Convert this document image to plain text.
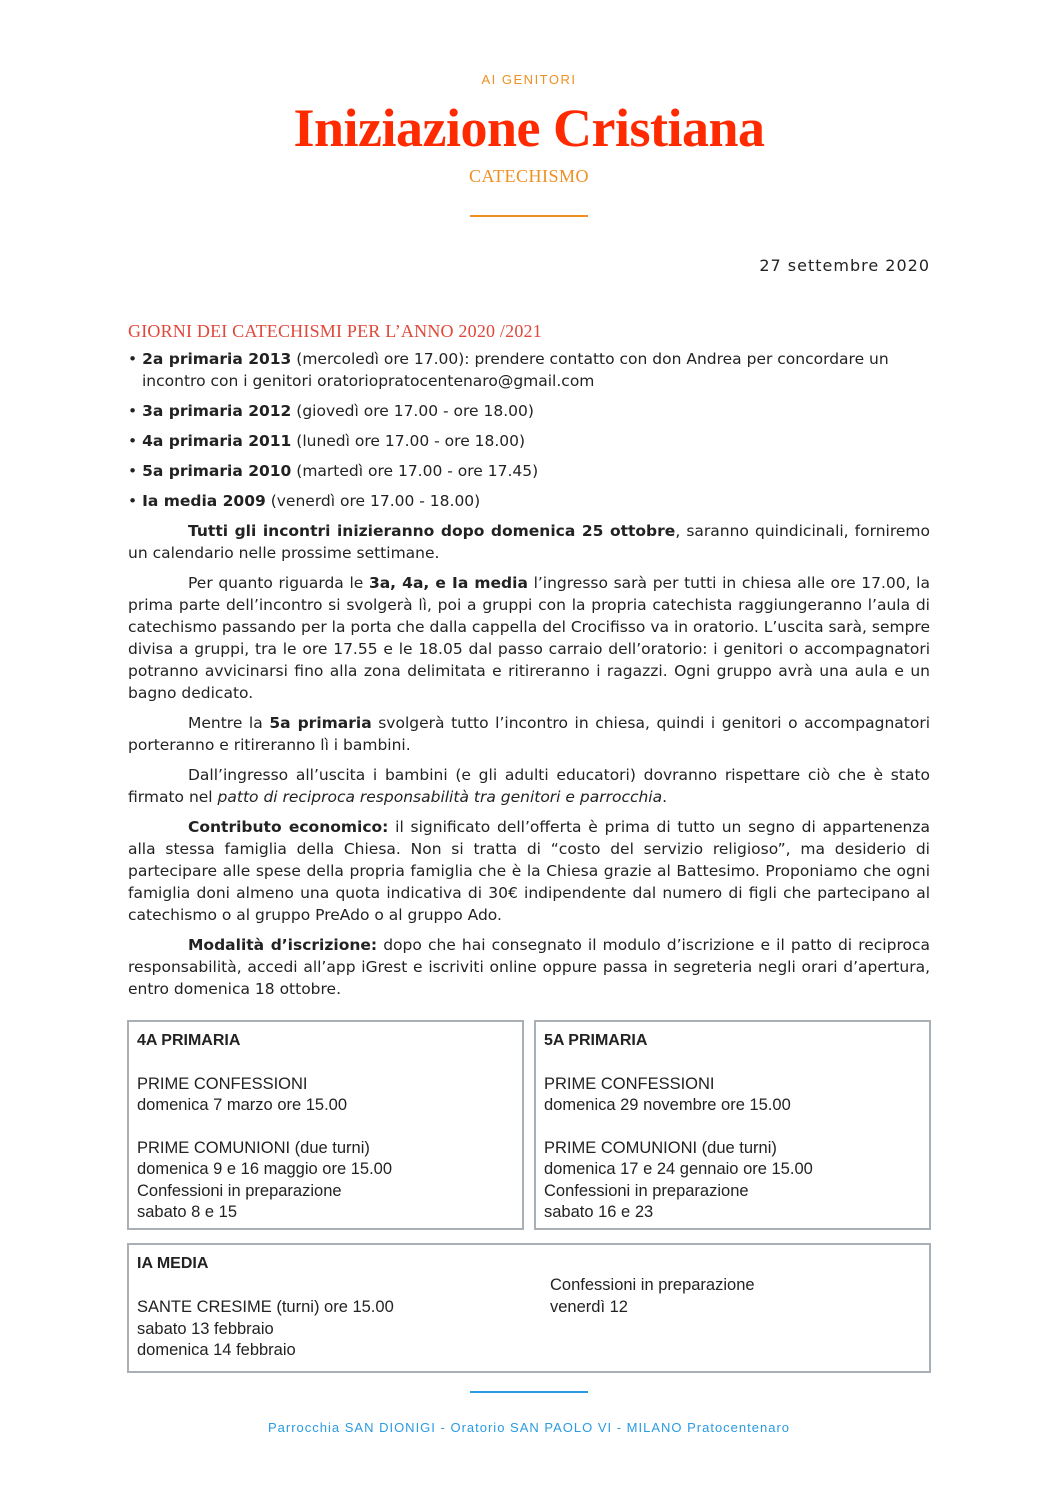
AI GENITORI
Iniziazione Cristiana
CATECHISMO
27 settembre 2020
GIORNI DEI CATECHISMI PER L’ANNO 2020 /2021
• 2a primaria 2013 (mercoledì ore 17.00): prendere contatto con don Andrea per concordare un incontro con i genitori oratoriopratocentenaro@gmail.com
• 3a primaria 2012 (giovedì ore 17.00 - ore 18.00)
• 4a primaria 2011 (lunedì ore 17.00 - ore 18.00)
• 5a primaria 2010 (martedì ore 17.00 - ore 17.45)
• Ia media 2009 (venerdì ore 17.00 - 18.00)

Tutti gli incontri inizieranno dopo domenica 25 ottobre, saranno quindicinali, forniremo un calendario nelle prossime settimane.

Per quanto riguarda le 3a, 4a, e Ia media l’ingresso sarà per tutti in chiesa alle ore 17.00, la prima parte dell’incontro si svolgerà lì, poi a gruppi con la propria catechista raggiungeranno l’aula di catechismo passando per la porta che dalla cappella del Crocifisso va in oratorio. L’uscita sarà, sempre divisa a gruppi, tra le ore 17.55 e le 18.05 dal passo carraio dell’oratorio: i genitori o accompagnatori potranno avvicinarsi fino alla zona delimitata e ritireranno i ragazzi. Ogni gruppo avrà una aula e un bagno dedicato.

Mentre la 5a primaria svolgerà tutto l’incontro in chiesa, quindi i genitori o accompagnatori porteranno e ritireranno lì i bambini.

Dall’ingresso all’uscita i bambini (e gli adulti educatori) dovranno rispettare ciò che è stato firmato nel patto di reciproca responsabilità tra genitori e parrocchia.

Contributo economico: il significato dell’offerta è prima di tutto un segno di appartenenza alla stessa famiglia della Chiesa. Non si tratta di “costo del servizio religioso”, ma desiderio di partecipare alle spese della propria famiglia che è la Chiesa grazie al Battesimo. Proponiamo che ogni famiglia doni almeno una quota indicativa di 30€ indipendente dal numero di figli che partecipano al catechismo o al gruppo PreAdo o al gruppo Ado.

Modalità d’iscrizione: dopo che hai consegnato il modulo d’iscrizione e il patto di reciproca responsabilità, accedi all’app iGrest e iscriviti online oppure passa in segreteria negli orari d’apertura, entro domenica 18 ottobre.

4A PRIMARIA
PRIME CONFESSIONI
domenica 7 marzo ore 15.00
PRIME COMUNIONI (due turni)
domenica 9 e 16 maggio ore 15.00
Confessioni in preparazione
sabato 8 e 15
5A PRIMARIA
PRIME CONFESSIONI
domenica 29 novembre ore 15.00
PRIME COMUNIONI (due turni)
domenica 17 e 24 gennaio ore 15.00
Confessioni in preparazione
sabato 16 e 23
IA MEDIA
SANTE CRESIME (turni) ore 15.00
sabato 13 febbraio
domenica 14 febbraio
Confessioni in preparazione
venerdì 12
Parrocchia SAN DIONIGI - Oratorio SAN PAOLO VI - MILANO Pratocentenaro
